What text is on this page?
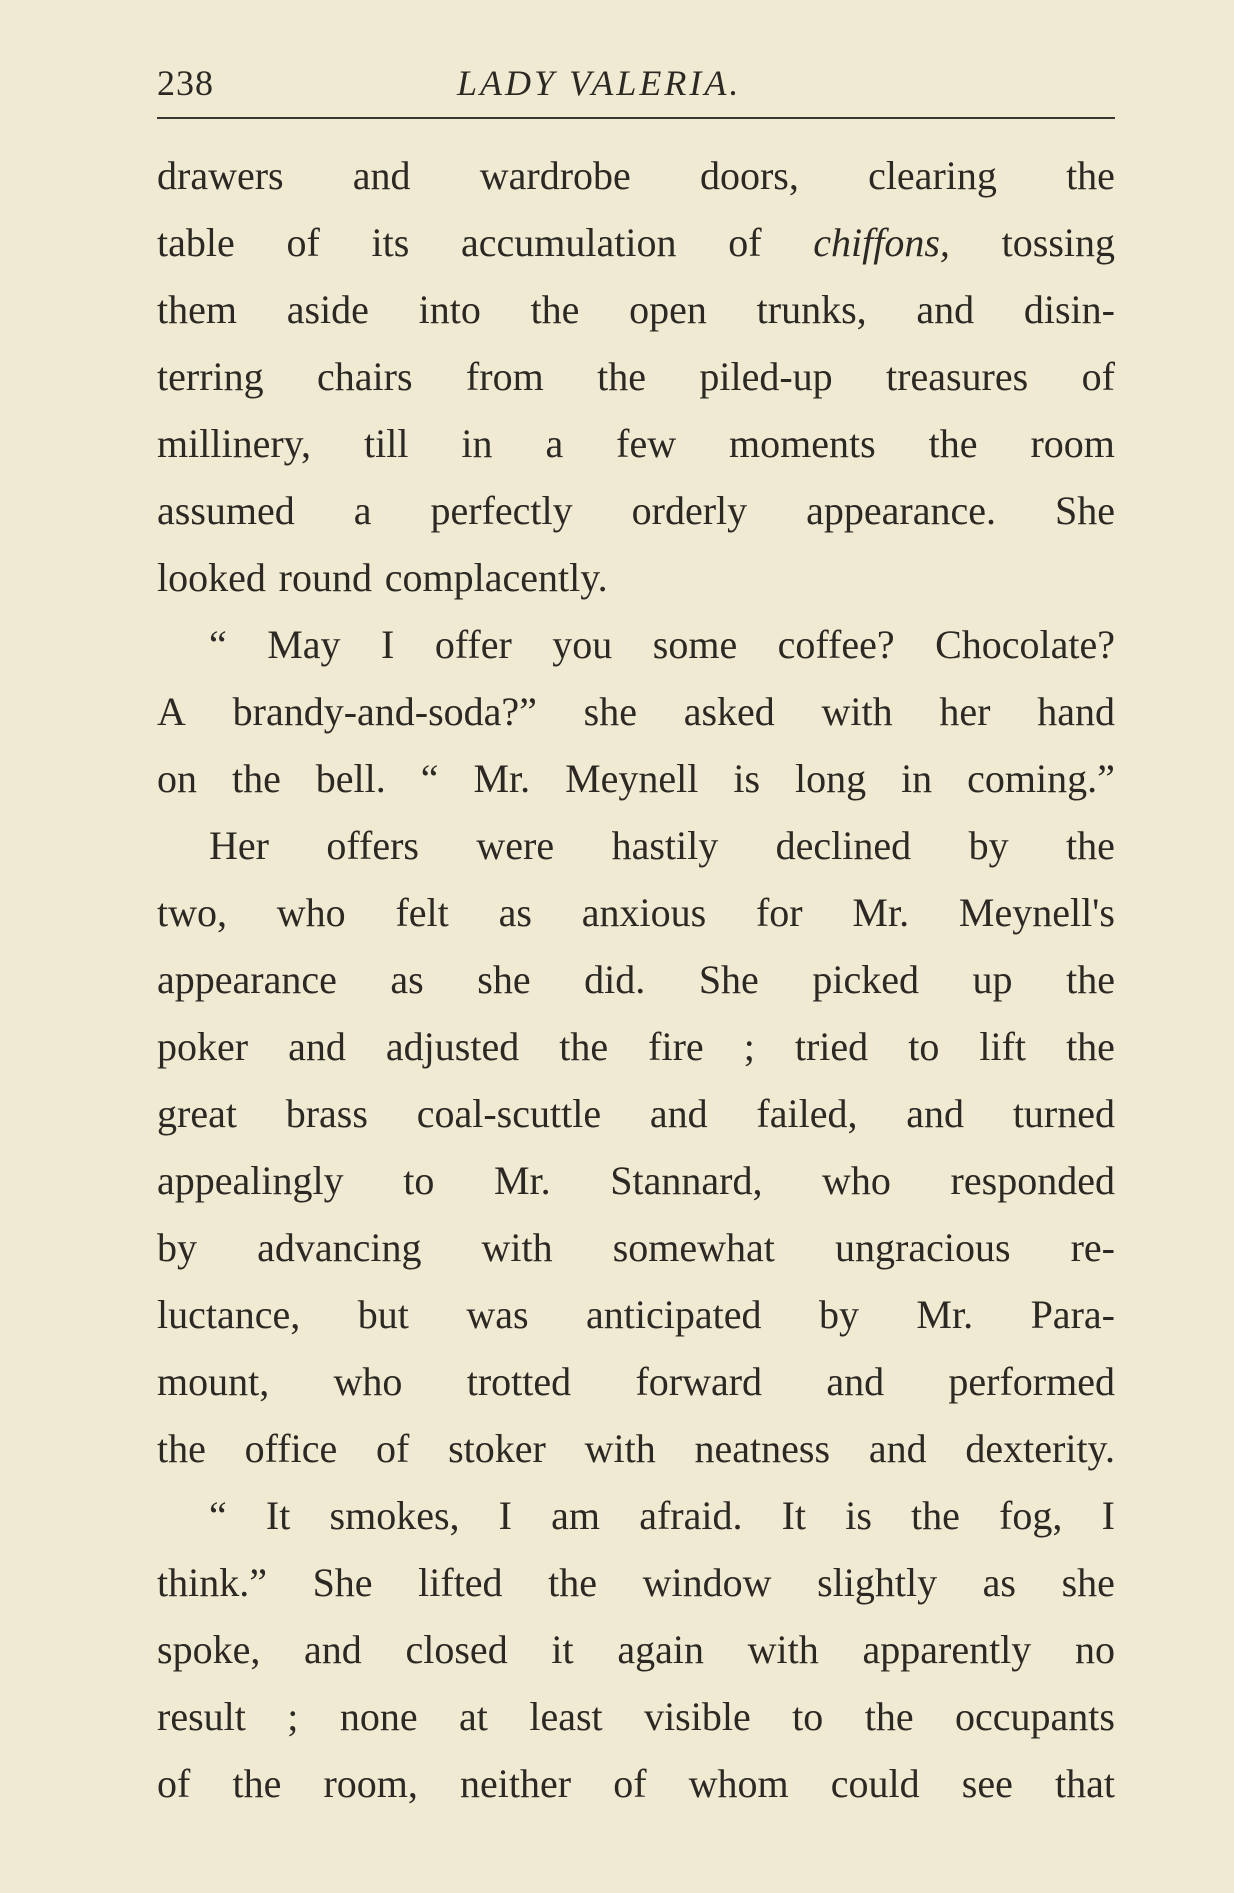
238	LADY VALERIA.
drawers and wardrobe doors, clearing the
table of its accumulation of chiffons, tossing
them aside into the open trunks, and disin-
terring chairs from the piled-up treasures of
millinery, till in a few moments the room
assumed a perfectly orderly appearance. She
looked round complacently.
“ May I offer you some coffee? Chocolate?
A brandy-and-soda?” she asked with her hand
on the bell. “ Mr. Meynell is long in coming.”
Her offers were hastily declined by the
two, who felt as anxious for Mr. Meynell's
appearance as she did. She picked up the
poker and adjusted the fire ; tried to lift the
great brass coal-scuttle and failed, and turned
appealingly to Mr. Stannard, who responded
by advancing with somewhat ungracious re-
luctance, but was anticipated by Mr. Para-
mount, who trotted forward and performed
the office of stoker with neatness and dexterity.
“ It smokes, I am afraid. It is the fog, I
think.” She lifted the window slightly as she
spoke, and closed it again with apparently no
result ; none at least visible to the occupants
of the room, neither of whom could see that
